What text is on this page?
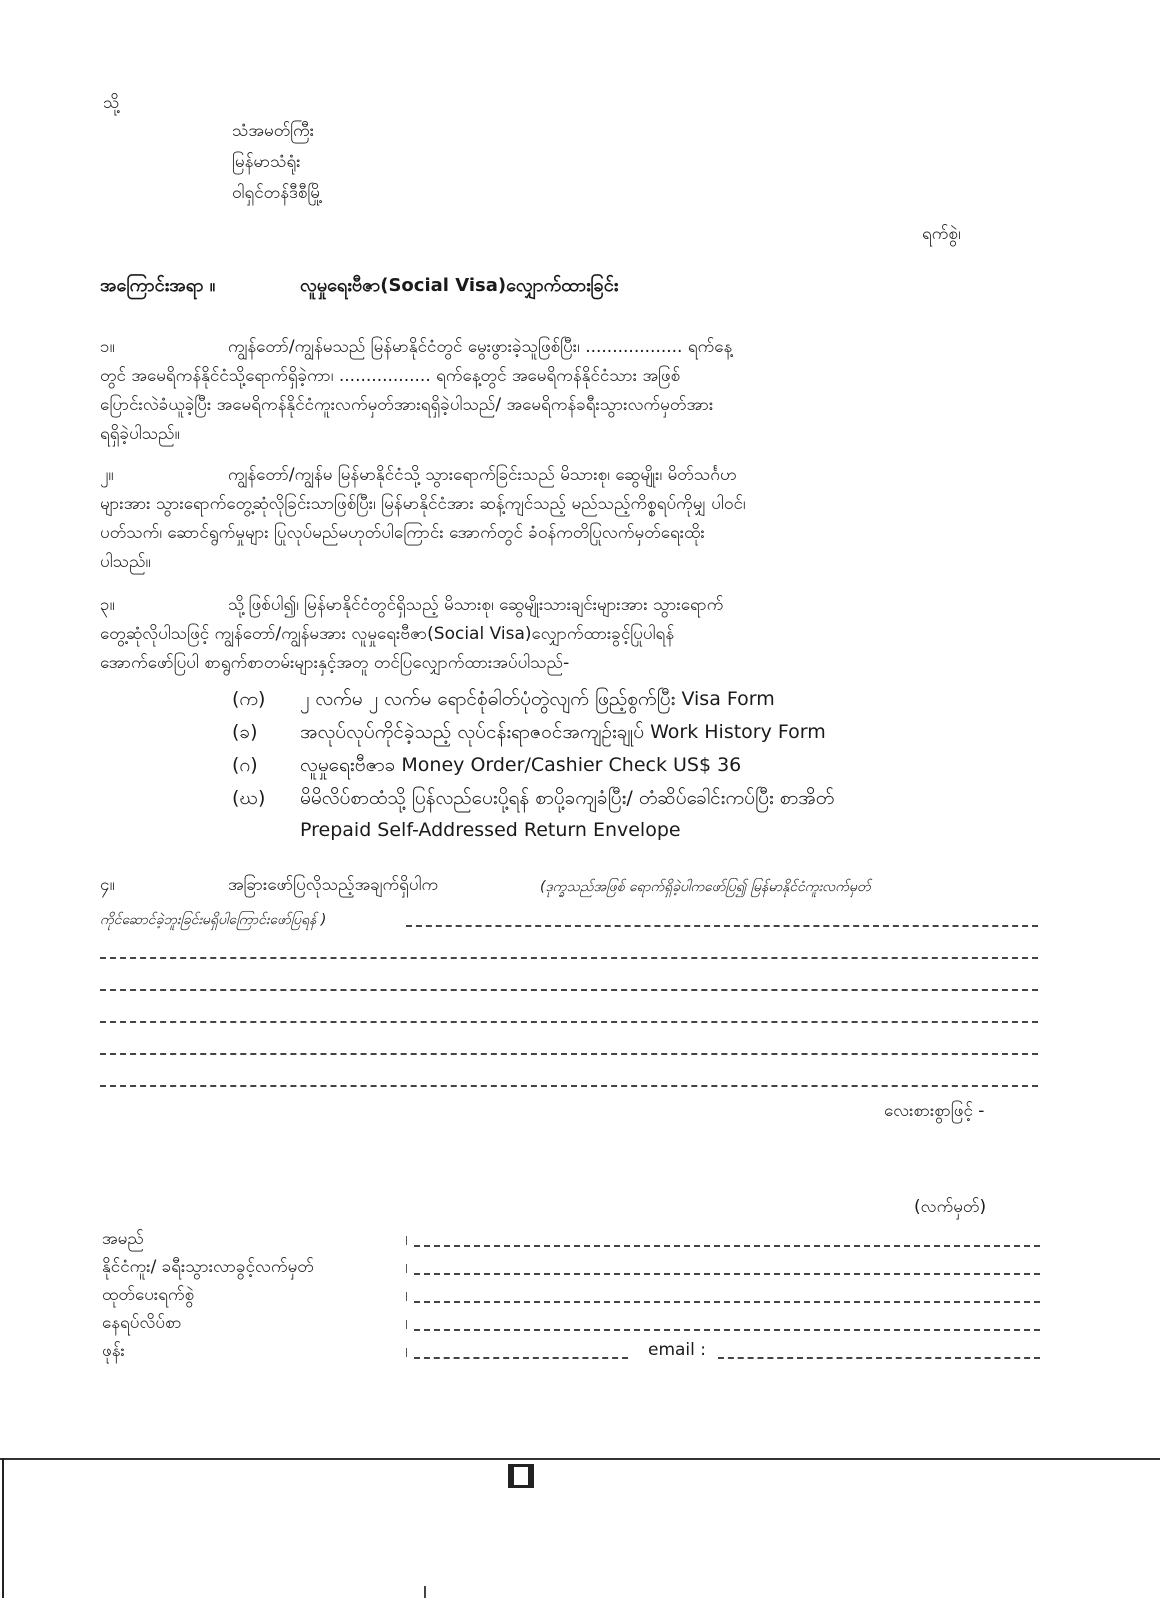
သို့
သံအမတ်ကြီး
မြန်မာသံရုံး
ဝါရှင်တန်ဒီစီမြို့
ရက်စွဲ၊
အကြောင်းအရာ ။	လူမှုရေးဗီဇာ(Social Visa)လျှောက်ထားခြင်း

၁။	ကျွန်တော်/ကျွန်မသည် မြန်မာနိုင်ငံတွင် မွေးဖွားခဲ့သူဖြစ်ပြီး၊ .................. ရက်နေ့

တွင် အမေရိကန်နိုင်ငံသို့ရောက်ရှိခဲ့ကာ၊ ................. ရက်နေ့တွင် အမေရိကန်နိုင်ငံသား အဖြစ်

ပြောင်းလဲခံယူခဲ့ပြီး အမေရိကန်နိုင်ငံကူးလက်မှတ်အားရရှိခဲ့ပါသည်/ အမေရိကန်ခရီးသွားလက်မှတ်အား

ရရှိခဲ့ပါသည်။

၂။	ကျွန်တော်/ကျွန်မ မြန်မာနိုင်ငံသို့ သွားရောက်ခြင်းသည် မိသားစု၊ ဆွေမျိုး၊ မိတ်သင်္ဂဟ

များအား သွားရောက်တွေ့ဆုံလိုခြင်းသာဖြစ်ပြီး၊ မြန်မာနိုင်ငံအား ဆန့်ကျင်သည့် မည်သည့်ကိစ္စရပ်ကိုမျှ ပါဝင်၊

ပတ်သက်၊ ဆောင်ရွက်မှုများ ပြုလုပ်မည်မဟုတ်ပါကြောင်း အောက်တွင် ခံဝန်ကတိပြုလက်မှတ်ရေးထိုး

ပါသည်။

၃။	သို့ဖြစ်ပါ၍၊ မြန်မာနိုင်ငံတွင်ရှိသည့် မိသားစု၊ ဆွေမျိုးသားချင်းများအား သွားရောက်

တွေ့ဆုံလိုပါသဖြင့် ကျွန်တော်/ကျွန်မအား လူမှုရေးဗီဇာ(Social Visa)လျှောက်ထားခွင့်ပြုပါရန်

အောက်ဖော်ပြပါ စာရွက်စာတမ်းများနှင့်အတူ တင်ပြလျှောက်ထားအပ်ပါသည်-

(က) ၂ လက်မ ၂ လက်မ ရောင်စုံဓါတ်ပုံတွဲလျက် ဖြည့်စွက်ပြီး Visa Form
(ခ) အလုပ်လုပ်ကိုင်ခဲ့သည့် လုပ်ငန်းရာဇဝင်အကျဉ်းချုပ် Work History Form
(ဂ) လူမှုရေးဗီဇာခ Money Order/Cashier Check US$ 36
(ဃ) မိမိလိပ်စာထံသို့ ပြန်လည်ပေးပို့ရန် စာပို့ခကျခံပြီး/ တံဆိပ်ခေါင်းကပ်ပြီး စာအိတ်
Prepaid Self-Addressed Return Envelope
၄။	အခြားဖော်ပြလိုသည့်အချက်ရှိပါက	(ဒုက္ခသည်အဖြစ် ရောက်ရှိခဲ့ပါကဖော်ပြ၍ မြန်မာနိုင်ငံကူးလက်မှတ်
ကိုင်ဆောင်ခဲ့ဘူးခြင်းမရှိပါကြောင်းဖော်ပြရန် )
လေးစားစွာဖြင့် -
(လက်မှတ်)
အမည်
နိုင်ငံကူး/ ခရီးသွားလာခွင့်လက်မှတ်
ထုတ်ပေးရက်စွဲ
နေရပ်လိပ်စာ
ဖုန်း	email :
